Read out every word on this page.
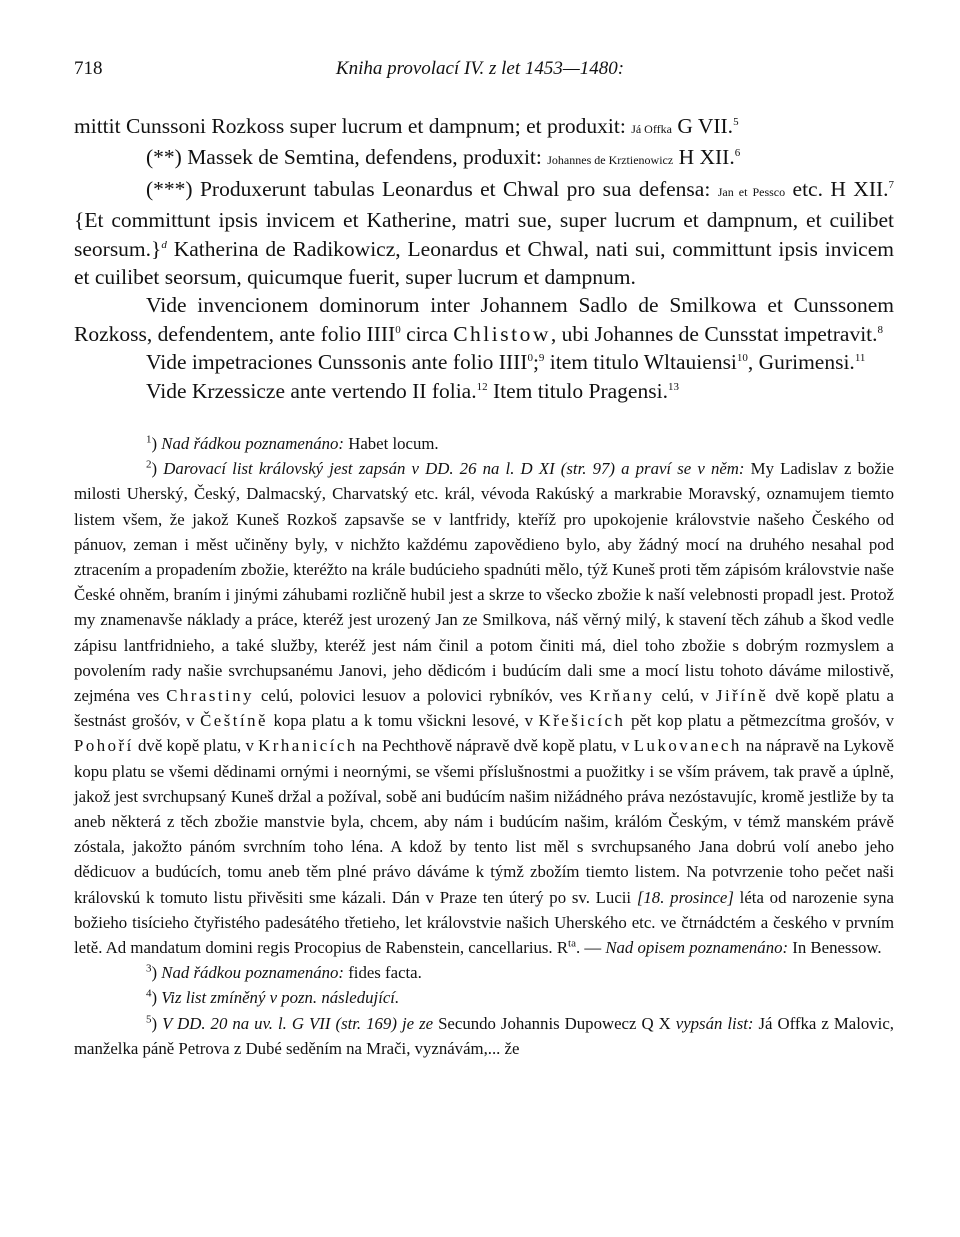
718	Kniha provolací IV. z let 1453—1480:

mittit Cunssoni Rozkoss super lucrum et dampnum; et produxit: Já Offka G VII.$^5$

(**) Massek de Semtina, defendens, produxit: Johannes de Krztienowicz H XII.$^6$

(***) Produxerunt tabulas Leonardus et Chwal pro sua defensa: Jan et Pessco etc. H XII.$^7$ {Et committunt ipsis invicem et Katherine, matri sue, super lucrum et dampnum, et cuilibet seorsum.}$^d$ Katherina de Radikowicz, Leonardus et Chwal, nati sui, committunt ipsis invicem et cuilibet seorsum, quicumque fuerit, super lucrum et dampnum.

Vide invencionem dominorum inter Johannem Sadlo de Smilkowa et Cunssonem Rozkoss, defendentem, ante folio IIII$^0$ circa Chlistow, ubi Johannes de Cunsstat impetravit.$^8$

Vide impetraciones Cunssonis ante folio IIII$^0$;$^9$ item titulo Wltauiensi$^{10}$, Gurimensi.$^{11}$

Vide Krzessicze ante vertendo II folia.$^{12}$ Item titulo Pragensi.$^{13}$

$^1$) Nad řádkou poznamenáno: Habet locum.

$^2$) Darovací list královský jest zapsán v DD. 26 na l. D XI (str. 97) a praví se v něm: My Ladislav z božie milosti Uherský, Český, Dalmacský, Charvatský etc. král, vévoda Rakúský a markrabie Moravský, oznamujem tiemto listem všem, že jakož Kuneš Rozkoš zapsavše se v lantfridy, kteříž pro upokojenie královstvie našeho Českého od pánuov, zeman i měst učiněny byly, v nichžto každému zapovědieno bylo, aby žádný mocí na druhého nesahal pod ztracením a propadením zbožie, kteréžto na krále budúcieho spadnúti mělo, týž Kuneš proti těm zápisóm královstvie naše České ohněm, braním i jinými záhubami rozličně hubil jest a skrze to všecko zbožie k naší velebnosti propadl jest. Protož my znamenavše náklady a práce, kteréž jest urozený Jan ze Smilkova, náš věrný milý, k stavení těch záhub a škod vedle zápisu lantfridnieho, a také služby, kteréž jest nám činil a potom činiti má, diel toho zbožie s dobrým rozmyslem a povolením rady našie svrchupsanému Janovi, jeho dědicóm i budúcím dali sme a mocí listu tohoto dáváme milostivě, zejména ves Chrastiny celú, polovici lesuov a polovici rybníkóv, ves Krňany celú, v Jiříně dvě kopě platu a šestnást grošóv, v Češtíně kopa platu a k tomu všickni lesové, v Křešicích pět kop platu a pětmezcítma grošóv, v Pohoří dvě kopě platu, v Krhanicích na Pechthově nápravě dvě kopě platu, v Lukovanech na nápravě na Lykově kopu platu se všemi dědinami ornými i neornými, se všemi příslušnostmi a puožitky i se vším právem, tak pravě a úplně, jakož jest svrchupsaný Kuneš držal a požíval, sobě ani budúcím našim nižádného práva nezóstavujíc, kromě jestliže by ta aneb některá z těch zbožie manstvie byla, chcem, aby nám i budúcím našim, králóm Českým, v témž manském právě zóstala, jakožto pánóm svrchním toho léna. A kdož by tento list měl s svrchupsaného Jana dobrú volí anebo jeho dědicuov a budúcích, tomu aneb těm plné právo dáváme k týmž zbožím tiemto listem. Na potvrzenie toho pečet naši královskú k tomuto listu přivěsiti sme kázali. Dán v Praze ten úterý po sv. Lucii [18. prosince] léta od narozenie syna božieho tisícieho čtyřistého padesátého třetieho, let královstvie našich Uherského etc. ve čtrnádctém a českého v prvním letě. Ad mandatum domini regis Procopius de Rabenstein, cancellarius. $R^{ta}$. — Nad opisem poznamenáno: In Benessow.

$^3$) Nad řádkou poznamenáno: fides facta.

$^4$) Viz list zmíněný v pozn. následující.

$^5$) V DD. 20 na uv. l. G VII (str. 169) je ze Secundo Johannis Dupowecz Q X vypsán list: Já Offka z Malovic, manželka páně Petrova z Dubé seděním na Mrači, vyznávám,... že
